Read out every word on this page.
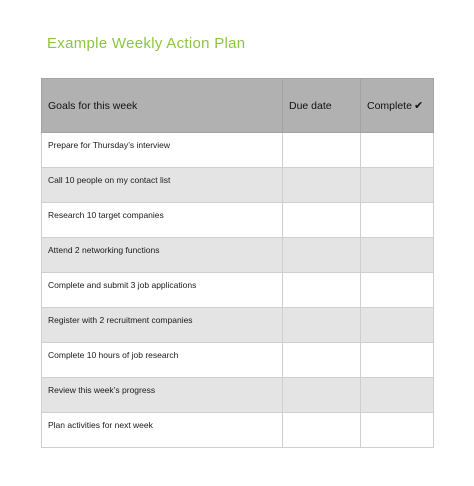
Example Weekly Action Plan
Goals for this week	Due date	Complete ✔

Prepare for Thursday’s interview		

Call 10 people on my contact list		

Research 10 target companies		

Attend 2 networking functions		

Complete and submit 3 job applications		

Register with 2 recruitment companies		

Complete 10 hours of job research		

Review this week’s progress		

Plan activities for next week		
